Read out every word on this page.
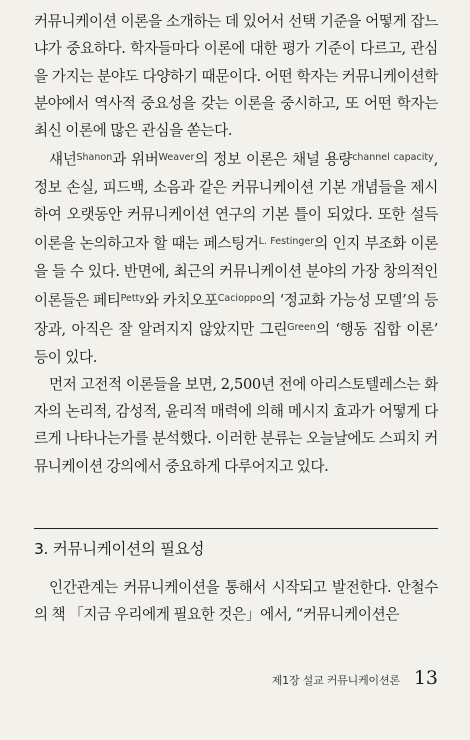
커뮤니케이션 이론을 소개하는 데 있어서 선택 기준을 어떻게 잡느냐가 중요하다. 학자들마다 이론에 대한 평가 기준이 다르고, 관심을 가지는 분야도 다양하기 때문이다. 어떤 학자는 커뮤니케이션학 분야에서 역사적 중요성을 갖는 이론을 중시하고, 또 어떤 학자는 최신 이론에 많은 관심을 쏟는다.

섀넌$^{Shanon}$과 위버$^{Weaver}$의 정보 이론은 채널 용량$^{channel capacity}$, 정보 손실, 피드백, 소음과 같은 커뮤니케이션 기본 개념들을 제시하여 오랫동안 커뮤니케이션 연구의 기본 틀이 되었다. 또한 설득 이론을 논의하고자 할 때는 페스팅거$^{L. Festinger}$의 인지 부조화 이론을 들 수 있다. 반면에, 최근의 커뮤니케이션 분야의 가장 창의적인 이론들은 페티$^{Petty}$와 카치오포$^{Cacioppo}$의 ‘정교화 가능성 모델’의 등장과, 아직은 잘 알려지지 않았지만 그린$^{Green}$의 ‘행동 집합 이론’ 등이 있다.

먼저 고전적 이론들을 보면, 2,500년 전에 아리스토텔레스는 화자의 논리적, 감성적, 윤리적 매력에 의해 메시지 효과가 어떻게 다르게 나타나는가를 분석했다. 이러한 분류는 오늘날에도 스피치 커뮤니케이션 강의에서 중요하게 다루어지고 있다.

3. 커뮤니케이션의 필요성

인간관계는 커뮤니케이션을 통해서 시작되고 발전한다. 안철수의 책 「지금 우리에게 필요한 것은」에서, “커뮤니케이션은

제1장 설교 커뮤니케이션론 13
